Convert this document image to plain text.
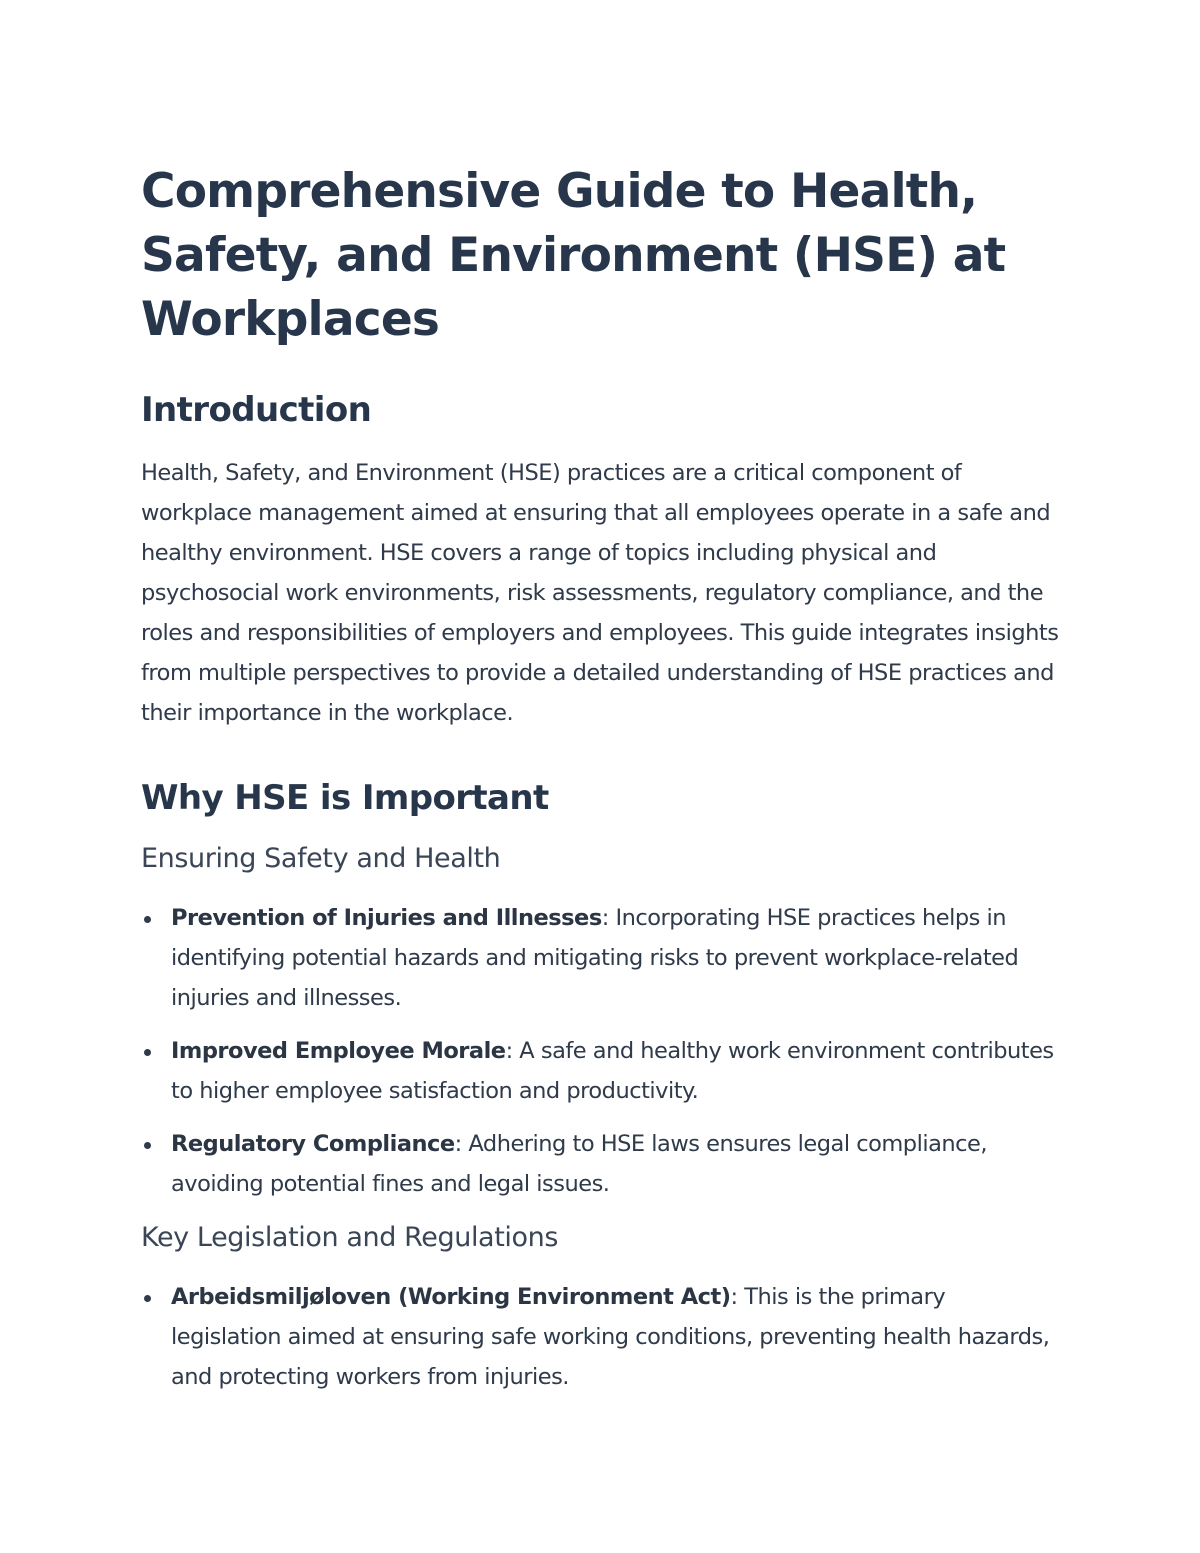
Comprehensive Guide to Health, Safety, and Environment (HSE) at Workplaces
Introduction

Health, Safety, and Environment (HSE) practices are a critical component of workplace management aimed at ensuring that all employees operate in a safe and healthy environment. HSE covers a range of topics including physical and psychosocial work environments, risk assessments, regulatory compliance, and the roles and responsibilities of employers and employees. This guide integrates insights from multiple perspectives to provide a detailed understanding of HSE practices and their importance in the workplace.

Why HSE is Important
Ensuring Safety and Health
Prevention of Injuries and Illnesses: Incorporating HSE practices helps in identifying potential hazards and mitigating risks to prevent workplace-related injuries and illnesses.
Improved Employee Morale: A safe and healthy work environment contributes to higher employee satisfaction and productivity.
Regulatory Compliance: Adhering to HSE laws ensures legal compliance, avoiding potential fines and legal issues.
Key Legislation and Regulations
Arbeidsmiljøloven (Working Environment Act): This is the primary legislation aimed at ensuring safe working conditions, preventing health hazards, and protecting workers from injuries.
